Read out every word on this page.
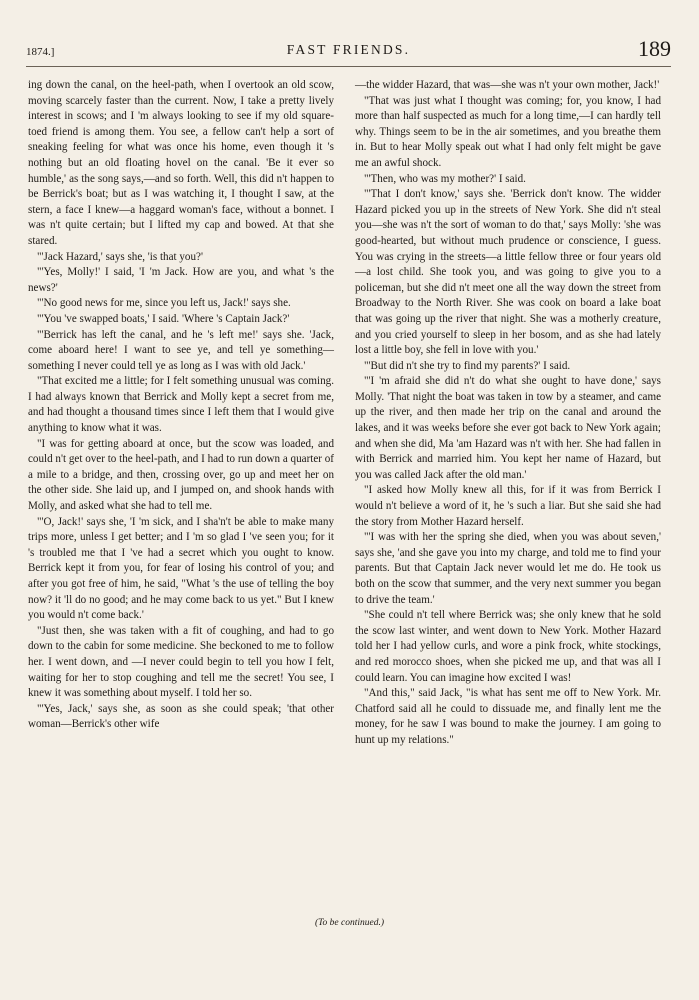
1874.]	FAST FRIENDS.	189

ing down the canal, on the heel-path, when I overtook an old scow, moving scarcely faster than the current. Now, I take a pretty lively interest in scows; and I 'm always looking to see if my old square-toed friend is among them. You see, a fellow can't help a sort of sneaking feeling for what was once his home, even though it 's nothing but an old floating hovel on the canal. 'Be it ever so humble,' as the song says,—and so forth. Well, this did n't happen to be Berrick's boat; but as I was watching it, I thought I saw, at the stern, a face I knew—a haggard woman's face, without a bonnet. I was n't quite certain; but I lifted my cap and bowed. At that she stared.

"'Jack Hazard,' says she, 'is that you?'

"'Yes, Molly!' I said, 'I 'm Jack. How are you, and what 's the news?'

"'No good news for me, since you left us, Jack!' says she.

"'You 've swapped boats,' I said. 'Where 's Captain Jack?'

"'Berrick has left the canal, and he 's left me!' says she. 'Jack, come aboard here! I want to see ye, and tell ye something—something I never could tell ye as long as I was with old Jack.'

"That excited me a little; for I felt something unusual was coming. I had always known that Berrick and Molly kept a secret from me, and had thought a thousand times since I left them that I would give anything to know what it was.

"I was for getting aboard at once, but the scow was loaded, and could n't get over to the heel-path, and I had to run down a quarter of a mile to a bridge, and then, crossing over, go up and meet her on the other side. She laid up, and I jumped on, and shook hands with Molly, and asked what she had to tell me.

"'O, Jack!' says she, 'I 'm sick, and I sha'n't be able to make many trips more, unless I get better; and I 'm so glad I 've seen you; for it 's troubled me that I 've had a secret which you ought to know. Berrick kept it from you, for fear of losing his control of you; and after you got free of him, he said, "What 's the use of telling the boy now? it 'll do no good; and he may come back to us yet." But I knew you would n't come back.'

"Just then, she was taken with a fit of coughing, and had to go down to the cabin for some medicine. She beckoned to me to follow her. I went down, and —I never could begin to tell you how I felt, waiting for her to stop coughing and tell me the secret! You see, I knew it was something about myself. I told her so.

"'Yes, Jack,' says she, as soon as she could speak; 'that other woman—Berrick's other wife

—the widder Hazard, that was—she was n't your own mother, Jack!'

"That was just what I thought was coming; for, you know, I had more than half suspected as much for a long time,—I can hardly tell why. Things seem to be in the air sometimes, and you breathe them in. But to hear Molly speak out what I had only felt might be gave me an awful shock.

"'Then, who was my mother?' I said.

"'That I don't know,' says she. 'Berrick don't know. The widder Hazard picked you up in the streets of New York. She did n't steal you—she was n't the sort of woman to do that,' says Molly: 'she was good-hearted, but without much prudence or conscience, I guess. You was crying in the streets—a little fellow three or four years old—a lost child. She took you, and was going to give you to a policeman, but she did n't meet one all the way down the street from Broadway to the North River. She was cook on board a lake boat that was going up the river that night. She was a motherly creature, and you cried yourself to sleep in her bosom, and as she had lately lost a little boy, she fell in love with you.'

"'But did n't she try to find my parents?' I said.

"'I 'm afraid she did n't do what she ought to have done,' says Molly. 'That night the boat was taken in tow by a steamer, and came up the river, and then made her trip on the canal and around the lakes, and it was weeks before she ever got back to New York again; and when she did, Ma 'am Hazard was n't with her. She had fallen in with Berrick and married him. You kept her name of Hazard, but you was called Jack after the old man.'

"I asked how Molly knew all this, for if it was from Berrick I would n't believe a word of it, he 's such a liar. But she said she had the story from Mother Hazard herself.

"'I was with her the spring she died, when you was about seven,' says she, 'and she gave you into my charge, and told me to find your parents. But that Captain Jack never would let me do. He took us both on the scow that summer, and the very next summer you began to drive the team.'

"She could n't tell where Berrick was; she only knew that he sold the scow last winter, and went down to New York. Mother Hazard told her I had yellow curls, and wore a pink frock, white stockings, and red morocco shoes, when she picked me up, and that was all I could learn. You can imagine how excited I was!

"And this," said Jack, "is what has sent me off to New York. Mr. Chatford said all he could to dissuade me, and finally lent me the money, for he saw I was bound to make the journey. I am going to hunt up my relations."

(To be continued.)
